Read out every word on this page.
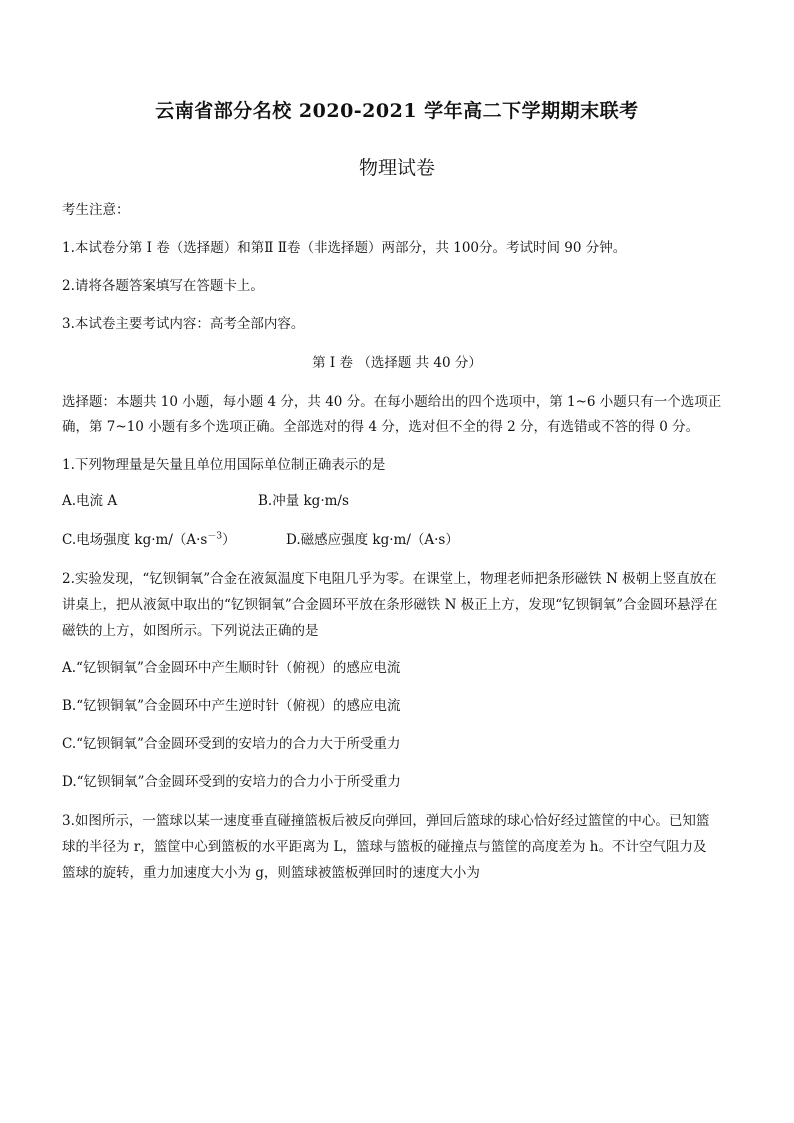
云南省部分名校 2020-2021 学年高二下学期期末联考
物理试卷
考生注意：
1.本试卷分第 I 卷（选择题）和第Ⅱ Ⅱ卷（非选择题）两部分，共 100分。考试时间 90 分钟。
2.请将各题答案填写在答题卡上。
3.本试卷主要考试内容：高考全部内容。
第 I 卷 （选择题 共 40 分）
选择题：本题共 10 小题，每小题 4 分，共 40 分。在每小题给出的四个选项中，第 1~6 小题只有一个选项正
确，第 7~10 小题有多个选项正确。全部选对的得 4 分，选对但不全的得 2 分，有选错或不答的得 0 分。
1.下列物理量是矢量且单位用国际单位制正确表示的是
A.电流 A	B.冲量 kg·m/s
C.电场强度 $kg\cdot m/(A\cdot s^{-3})$	D.磁感应强度 kg·m/（A·s）
2.实验发现，“钇钡铜氧”合金在液氮温度下电阻几乎为零。在课堂上，物理老师把条形磁铁 N 极朝上竖直放在
讲桌上，把从液氮中取出的“钇钡铜氧”合金圆环平放在条形磁铁 N 极正上方，发现“钇钡铜氧”合金圆环悬浮在
磁铁的上方，如图所示。下列说法正确的是
A.“钇钡铜氧”合金圆环中产生顺时针（俯视）的感应电流
B.“钇钡铜氧”合金圆环中产生逆时针（俯视）的感应电流
C.“钇钡铜氧”合金圆环受到的安培力的合力大于所受重力
D.“钇钡铜氧”合金圆环受到的安培力的合力小于所受重力
3.如图所示，一篮球以某一速度垂直碰撞篮板后被反向弹回，弹回后篮球的球心恰好经过篮筐的中心。已知篮
球的半径为 r，篮筐中心到篮板的水平距离为 L，篮球与篮板的碰撞点与篮筐的高度差为 h。不计空气阻力及
篮球的旋转，重力加速度大小为 g，则篮球被篮板弹回时的速度大小为
